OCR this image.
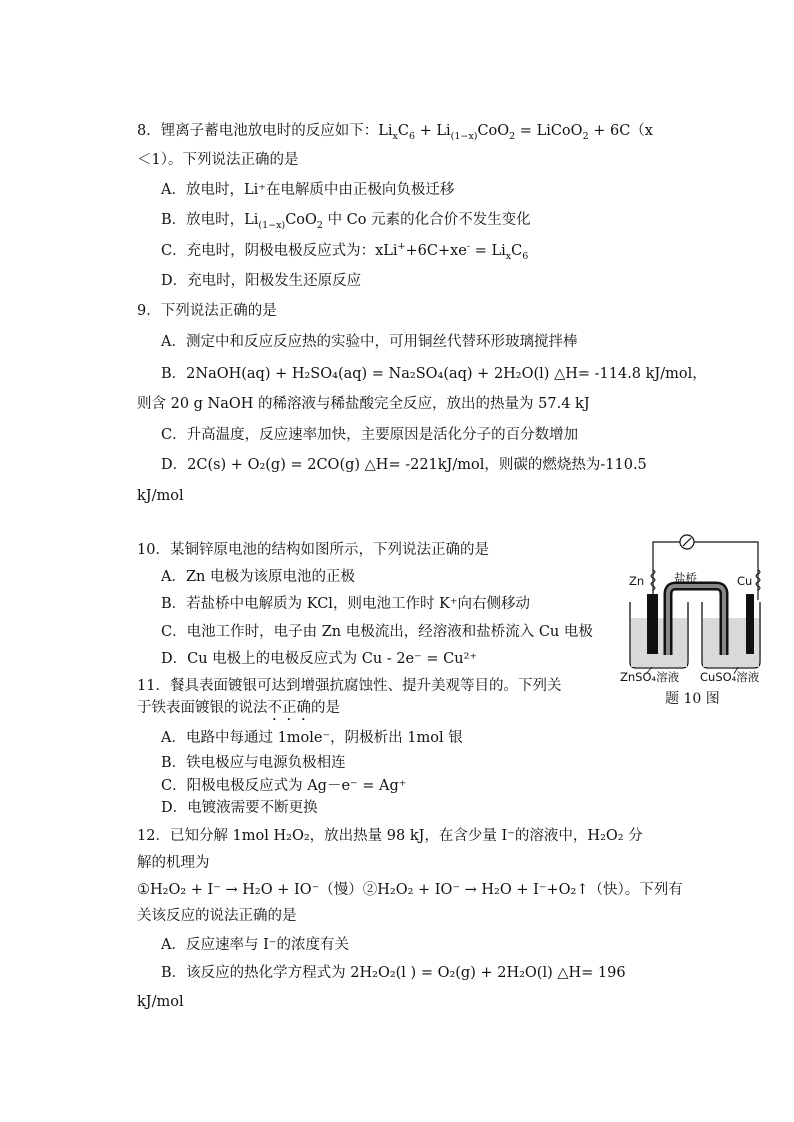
8．锂离子蓄电池放电时的反应如下：$Li_xC_6 + Li_{(1-x)}CoO_2$ = LiCoO$_2$ + 6C（x
＜1）。下列说法正确的是
A．放电时，Li⁺在电解质中由正极向负极迁移
B．放电时，$Li_{(1-x)}CoO_2$ 中 Co 元素的化合价不发生变化
C．充电时，阴极电极反应式为：$xLi^++6C+xe^- = Li_xC_6$
D．充电时，阳极发生还原反应
9．下列说法正确的是
A．测定中和反应反应热的实验中，可用铜丝代替环形玻璃搅拌棒
B．2NaOH(aq) + H₂SO₄(aq) = Na₂SO₄(aq) + 2H₂O(l) △H= -114.8 kJ/mol，
则含 20 g NaOH 的稀溶液与稀盐酸完全反应，放出的热量为 57.4 kJ
C．升高温度，反应速率加快，主要原因是活化分子的百分数增加
D．2C(s) + O₂(g) = 2CO(g) △H= -221kJ/mol，则碳的燃烧热为-110.5
kJ/mol
10．某铜锌原电池的结构如图所示，下列说法正确的是
A．Zn 电极为该原电池的正极
B．若盐桥中电解质为 KCl，则电池工作时 K⁺向右侧移动
C．电池工作时，电子由 Zn 电极流出，经溶液和盐桥流入 Cu 电极
D．Cu 电极上的电极反应式为 Cu - 2e⁻ = Cu²⁺
Zn	盐桥	Cu
ZnSO₄溶液 CuSO₄溶液
题 10 图
11．餐具表面镀银可达到增强抗腐蚀性、提升美观等目的。下列关
于铁表面镀银的说法不正确的是
A．电路中每通过 1mole⁻，阴极析出 1mol 银
B．铁电极应与电源负极相连
C．阳极电极反应式为 Ag－e⁻ = Ag⁺
D．电镀液需要不断更换
12．已知分解 1mol H₂O₂，放出热量 98 kJ，在含少量 I⁻的溶液中，H₂O₂ 分
解的机理为
①H₂O₂ + I⁻ → H₂O + IO⁻（慢）②H₂O₂ + IO⁻ → H₂O + I⁻+O₂↑（快）。下列有
关该反应的说法正确的是
A．反应速率与 I⁻的浓度有关
B．该反应的热化学方程式为 2H₂O₂(l ) = O₂(g) + 2H₂O(l) △H= 196
kJ/mol
